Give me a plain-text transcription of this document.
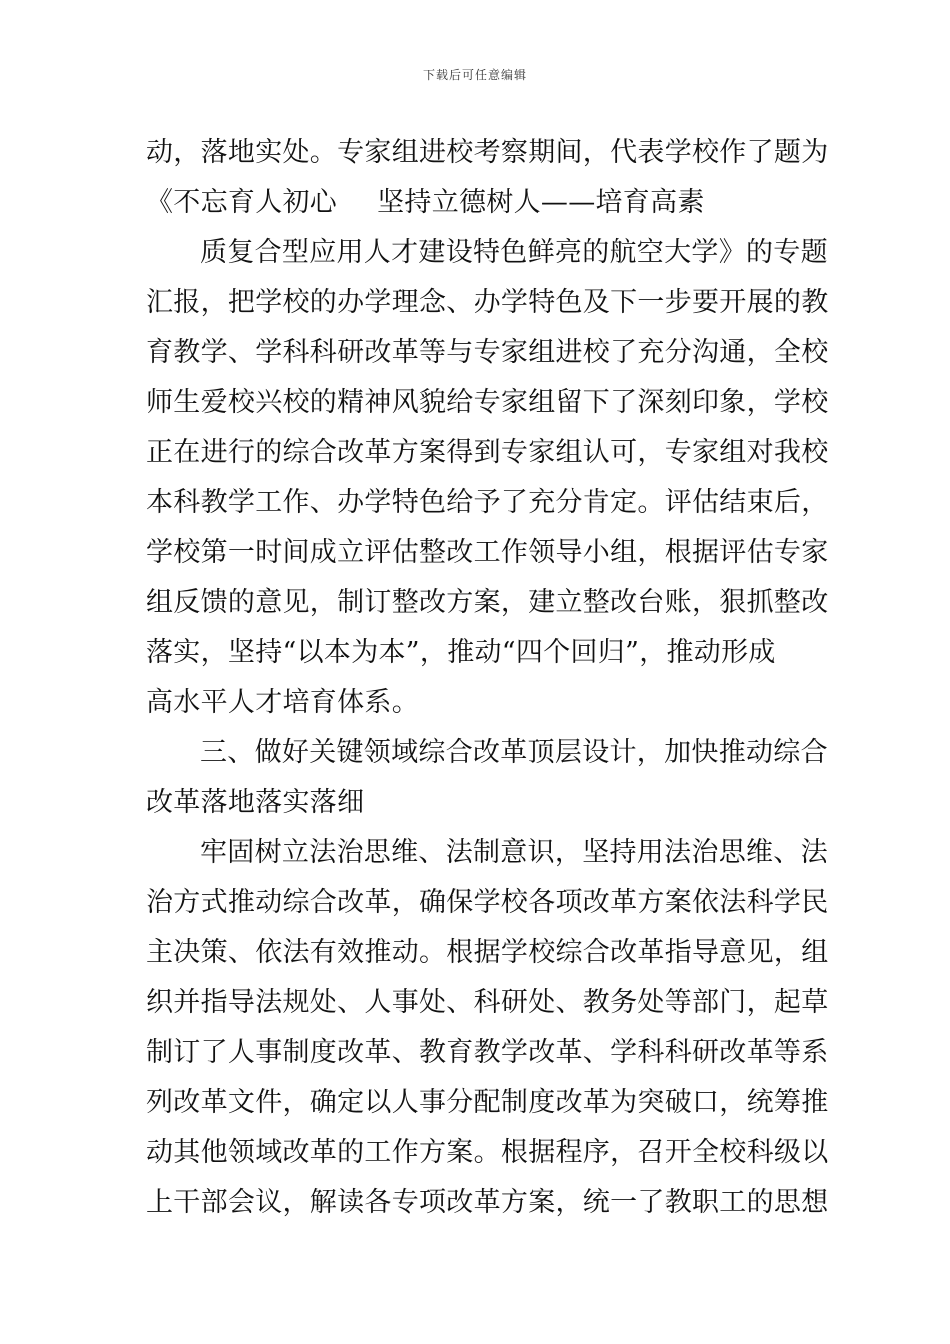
下载后可任意编辑
动，落地实处。专家组进校考察期间，代表学校作了题为
《不忘育人初心 坚持立德树人——培育高素
质复合型应用人才建设特色鲜亮的航空大学》的专题
汇报，把学校的办学理念、办学特色及下一步要开展的教
育教学、学科科研改革等与专家组进校了充分沟通，全校
师生爱校兴校的精神风貌给专家组留下了深刻印象，学校
正在进行的综合改革方案得到专家组认可，专家组对我校
本科教学工作、办学特色给予了充分肯定。评估结束后，
学校第一时间成立评估整改工作领导小组，根据评估专家
组反馈的意见，制订整改方案，建立整改台账，狠抓整改
落实，坚持“以本为本”，推动“四个回归”，推动形成
高水平人才培育体系。
三、做好关键领域综合改革顶层设计，加快推动综合
改革落地落实落细
牢固树立法治思维、法制意识，坚持用法治思维、法
治方式推动综合改革，确保学校各项改革方案依法科学民
主决策、依法有效推动。根据学校综合改革指导意见，组
织并指导法规处、人事处、科研处、教务处等部门，起草
制订了人事制度改革、教育教学改革、学科科研改革等系
列改革文件，确定以人事分配制度改革为突破口，统筹推
动其他领域改革的工作方案。根据程序，召开全校科级以
上干部会议，解读各专项改革方案，统一了教职工的思想
